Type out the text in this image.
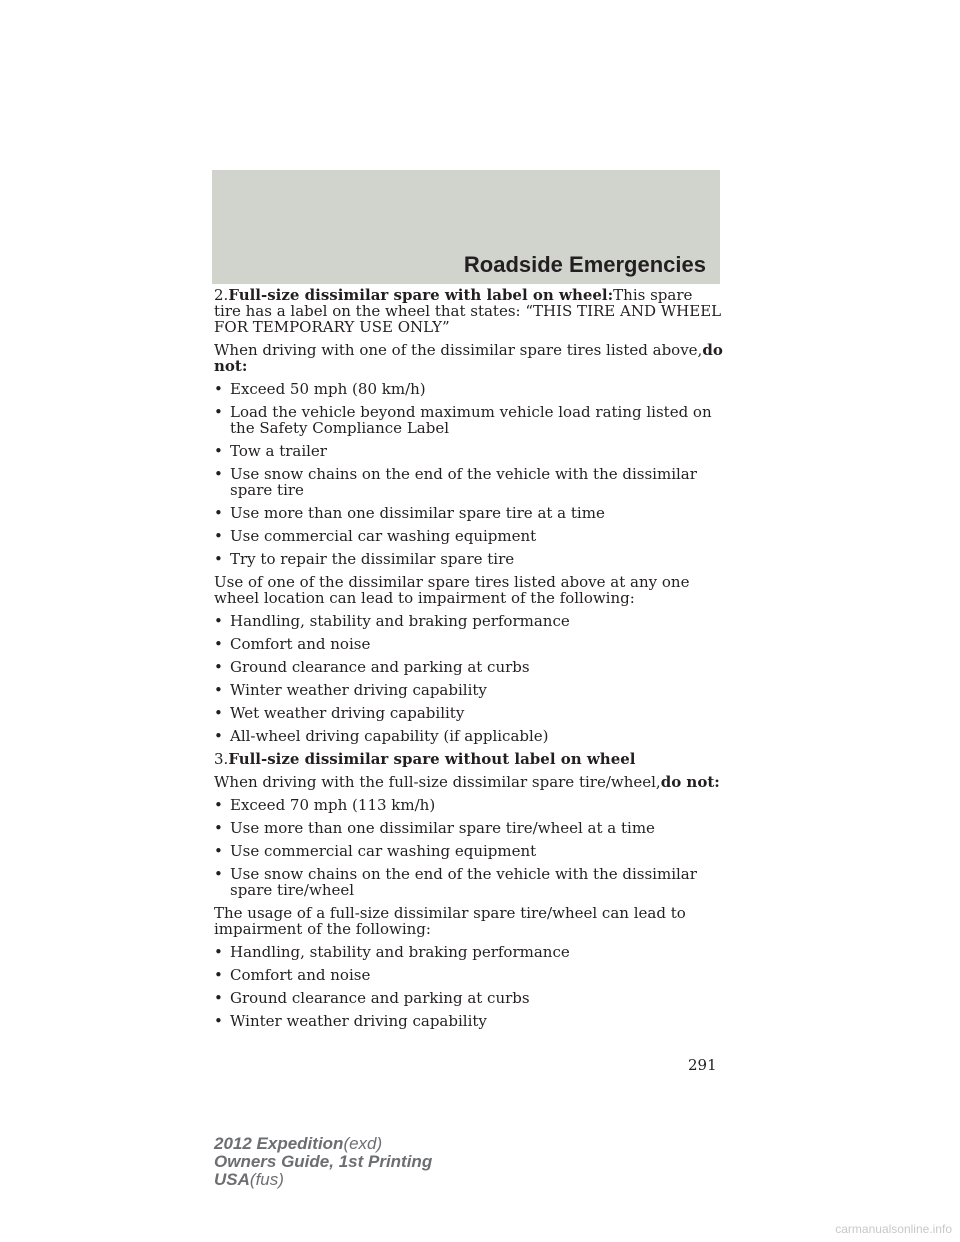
Roadside Emergencies

2.Full-size dissimilar spare with label on wheel:This spare tire has a label on the wheel that states: “THIS TIRE AND WHEEL FOR TEMPORARY USE ONLY”

When driving with one of the dissimilar spare tires listed above,do not:

• Exceed 50 mph (80 km/h)
• Load the vehicle beyond maximum vehicle load rating listed on the Safety Compliance Label
• Tow a trailer
• Use snow chains on the end of the vehicle with the dissimilar spare tire
• Use more than one dissimilar spare tire at a time
• Use commercial car washing equipment
• Try to repair the dissimilar spare tire

Use of one of the dissimilar spare tires listed above at any one wheel location can lead to impairment of the following:

• Handling, stability and braking performance
• Comfort and noise
• Ground clearance and parking at curbs
• Winter weather driving capability
• Wet weather driving capability
• All-wheel driving capability (if applicable)

3.Full-size dissimilar spare without label on wheel

When driving with the full-size dissimilar spare tire/wheel,do not:

• Exceed 70 mph (113 km/h)
• Use more than one dissimilar spare tire/wheel at a time
• Use commercial car washing equipment
• Use snow chains on the end of the vehicle with the dissimilar spare tire/wheel

The usage of a full-size dissimilar spare tire/wheel can lead to impairment of the following:

• Handling, stability and braking performance
• Comfort and noise
• Ground clearance and parking at curbs
• Winter weather driving capability
291
2012 Expedition(exd)
Owners Guide, 1st Printing
USA(fus)
carmanualsonline.info
